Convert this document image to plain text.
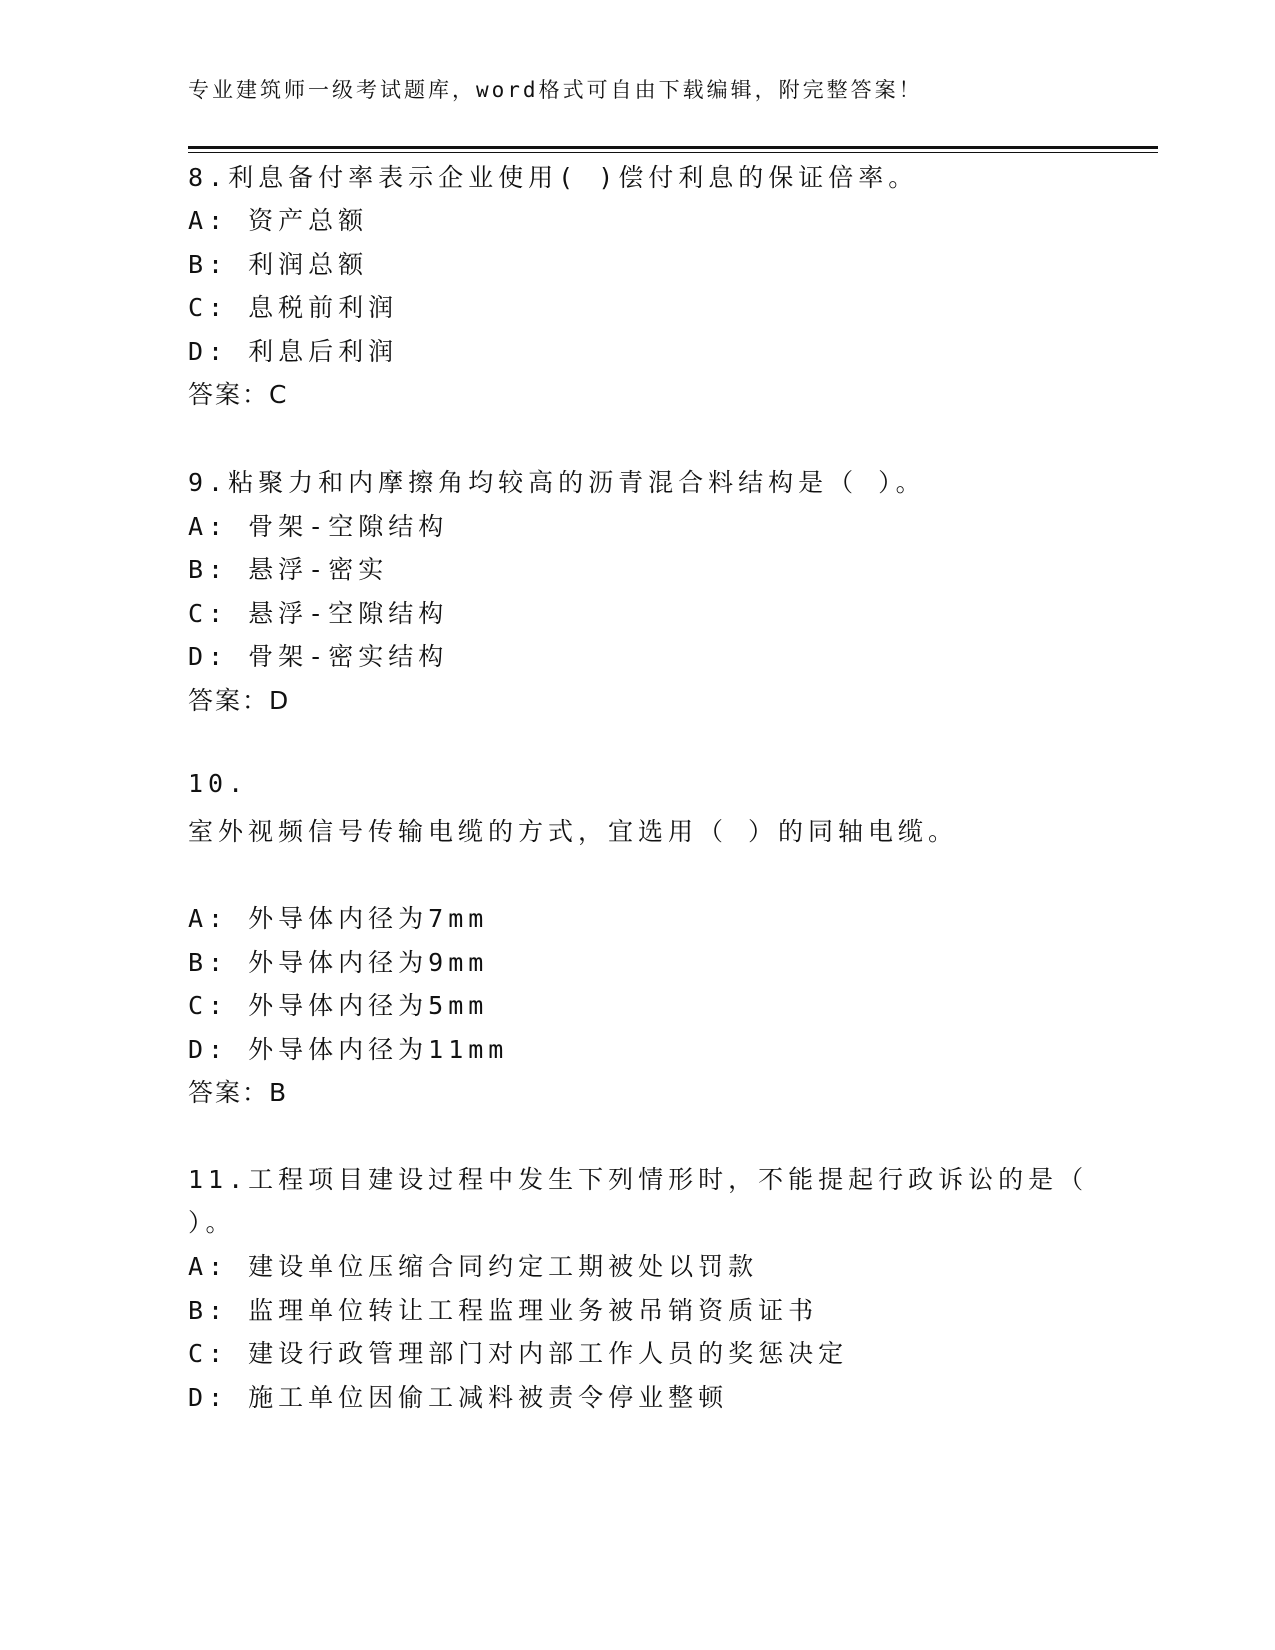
专业建筑师一级考试题库，word格式可自由下载编辑，附完整答案！
8.利息备付率表示企业使用( )偿付利息的保证倍率。
A: 资产总额
B: 利润总额
C: 息税前利润
D: 利息后利润
答案：C
9.粘聚力和内摩擦角均较高的沥青混合料结构是（ ）。
A: 骨架-空隙结构
B: 悬浮-密实
C: 悬浮-空隙结构
D: 骨架-密实结构
答案：D
10.
室外视频信号传输电缆的方式，宜选用（ ）的同轴电缆。
A: 外导体内径为7mm
B: 外导体内径为9mm
C: 外导体内径为5mm
D: 外导体内径为11mm
答案：B
11.工程项目建设过程中发生下列情形时，不能提起行政诉讼的是（
）。
A: 建设单位压缩合同约定工期被处以罚款
B: 监理单位转让工程监理业务被吊销资质证书
C: 建设行政管理部门对内部工作人员的奖惩决定
D: 施工单位因偷工减料被责令停业整顿
